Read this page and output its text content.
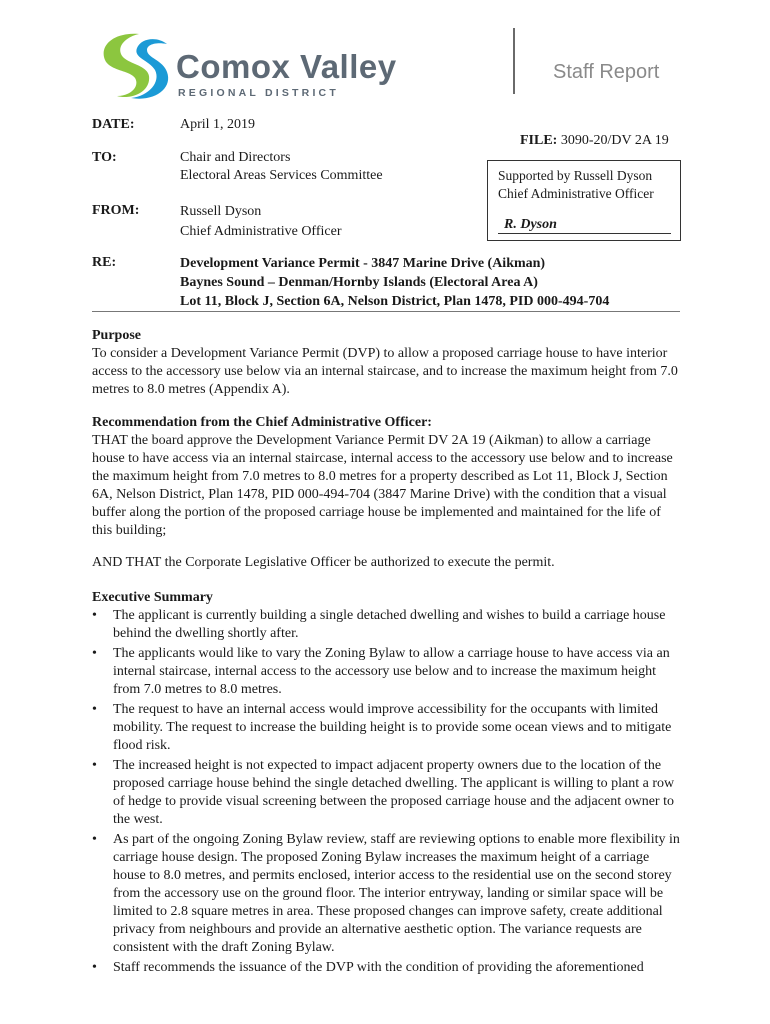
Comox Valley
REGIONAL DISTRICT
Staff Report
DATE:	April 1, 2019
FILE: 3090-20/DV 2A 19
TO:	Chair and Directors
Electoral Areas Services Committee	Supported by Russell Dyson
Chief Administrative Officer
R. Dyson
FROM:	Russell Dyson
Chief Administrative Officer
RE:	Development Variance Permit - 3847 Marine Drive (Aikman)
Baynes Sound – Denman/Hornby Islands (Electoral Area A)
Lot 11, Block J, Section 6A, Nelson District, Plan 1478, PID 000-494-704
Purpose
To consider a Development Variance Permit (DVP) to allow a proposed carriage house to have interior access to the accessory use below via an internal staircase, and to increase the maximum height from 7.0 metres to 8.0 metres (Appendix A).
Recommendation from the Chief Administrative Officer:
THAT the board approve the Development Variance Permit DV 2A 19 (Aikman) to allow a carriage house to have access via an internal staircase, internal access to the accessory use below and to increase the maximum height from 7.0 metres to 8.0 metres for a property described as Lot 11, Block J, Section 6A, Nelson District, Plan 1478, PID 000-494-704 (3847 Marine Drive) with the condition that a visual buffer along the portion of the proposed carriage house be implemented and maintained for the life of this building;
AND THAT the Corporate Legislative Officer be authorized to execute the permit.
Executive Summary
• The applicant is currently building a single detached dwelling and wishes to build a carriage house behind the dwelling shortly after.
• The applicants would like to vary the Zoning Bylaw to allow a carriage house to have access via an internal staircase, internal access to the accessory use below and to increase the maximum height from 7.0 metres to 8.0 metres.
• The request to have an internal access would improve accessibility for the occupants with limited mobility. The request to increase the building height is to provide some ocean views and to mitigate flood risk.
• The increased height is not expected to impact adjacent property owners due to the location of the proposed carriage house behind the single detached dwelling. The applicant is willing to plant a row of hedge to provide visual screening between the proposed carriage house and the adjacent owner to the west.
• As part of the ongoing Zoning Bylaw review, staff are reviewing options to enable more flexibility in carriage house design. The proposed Zoning Bylaw increases the maximum height of a carriage house to 8.0 metres, and permits enclosed, interior access to the residential use on the second storey from the accessory use on the ground floor. The interior entryway, landing or similar space will be limited to 2.8 square metres in area. These proposed changes can improve safety, create additional privacy from neighbours and provide an alternative aesthetic option. The variance requests are consistent with the draft Zoning Bylaw.
• Staff recommends the issuance of the DVP with the condition of providing the aforementioned
